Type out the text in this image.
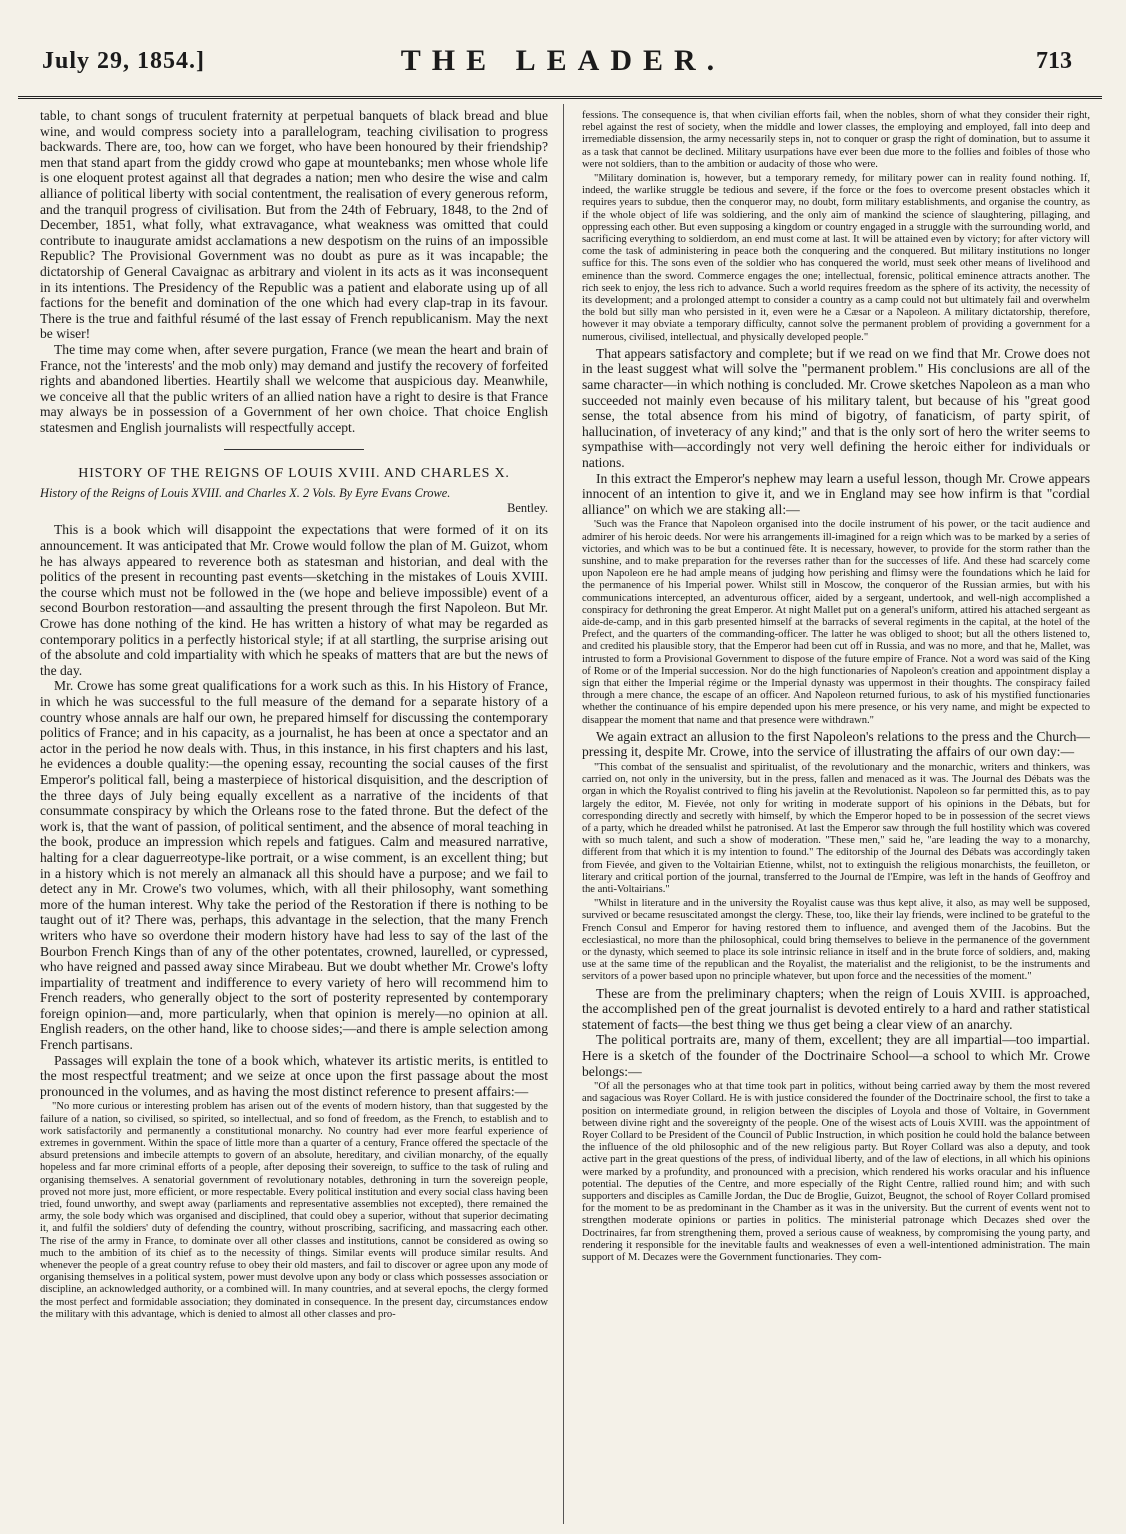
July 29, 1854.]	THE LEADER.	713

table, to chant songs of truculent fraternity at perpetual banquets of black bread and blue wine, and would compress society into a parallelogram, teaching civilisation to progress backwards. There are, too, how can we forget, who have been honoured by their friendship? men that stand apart from the giddy crowd who gape at mountebanks; men whose whole life is one eloquent protest against all that degrades a nation; men who desire the wise and calm alliance of political liberty with social contentment, the realisation of every generous reform, and the tranquil progress of civilisation. But from the 24th of February, 1848, to the 2nd of December, 1851, what folly, what extravagance, what weakness was omitted that could contribute to inaugurate amidst acclamations a new despotism on the ruins of an impossible Republic? The Provisional Government was no doubt as pure as it was incapable; the dictatorship of General Cavaignac as arbitrary and violent in its acts as it was inconsequent in its intentions. The Presidency of the Republic was a patient and elaborate using up of all factions for the benefit and domination of the one which had every clap-trap in its favour. There is the true and faithful résumé of the last essay of French republicanism. May the next be wiser!

The time may come when, after severe purgation, France (we mean the heart and brain of France, not the 'interests' and the mob only) may demand and justify the recovery of forfeited rights and abandoned liberties. Heartily shall we welcome that auspicious day. Meanwhile, we conceive all that the public writers of an allied nation have a right to desire is that France may always be in possession of a Government of her own choice. That choice English statesmen and English journalists will respectfully accept.

HISTORY OF THE REIGNS OF LOUIS XVIII. AND CHARLES X.
History of the Reigns of Louis XVIII. and Charles X. 2 Vols. By Eyre Evans Crowe.
Bentley.

This is a book which will disappoint the expectations that were formed of it on its announcement. It was anticipated that Mr. Crowe would follow the plan of M. Guizot, whom he has always appeared to reverence both as statesman and historian, and deal with the politics of the present in recounting past events—sketching in the mistakes of Louis XVIII. the course which must not be followed in the (we hope and believe impossible) event of a second Bourbon restoration—and assaulting the present through the first Napoleon. But Mr. Crowe has done nothing of the kind. He has written a history of what may be regarded as contemporary politics in a perfectly historical style; if at all startling, the surprise arising out of the absolute and cold impartiality with which he speaks of matters that are but the news of the day.

Mr. Crowe has some great qualifications for a work such as this. In his History of France, in which he was successful to the full measure of the demand for a separate history of a country whose annals are half our own, he prepared himself for discussing the contemporary politics of France; and in his capacity, as a journalist, he has been at once a spectator and an actor in the period he now deals with. Thus, in this instance, in his first chapters and his last, he evidences a double quality:—the opening essay, recounting the social causes of the first Emperor's political fall, being a masterpiece of historical disquisition, and the description of the three days of July being equally excellent as a narrative of the incidents of that consummate conspiracy by which the Orleans rose to the fated throne. But the defect of the work is, that the want of passion, of political sentiment, and the absence of moral teaching in the book, produce an impression which repels and fatigues. Calm and measured narrative, halting for a clear daguerreotype-like portrait, or a wise comment, is an excellent thing; but in a history which is not merely an almanack all this should have a purpose; and we fail to detect any in Mr. Crowe's two volumes, which, with all their philosophy, want something more of the human interest. Why take the period of the Restoration if there is nothing to be taught out of it? There was, perhaps, this advantage in the selection, that the many French writers who have so overdone their modern history have had less to say of the last of the Bourbon French Kings than of any of the other potentates, crowned, laurelled, or cypressed, who have reigned and passed away since Mirabeau. But we doubt whether Mr. Crowe's lofty impartiality of treatment and indifference to every variety of hero will recommend him to French readers, who generally object to the sort of posterity represented by contemporary foreign opinion—and, more particularly, when that opinion is merely—no opinion at all. English readers, on the other hand, like to choose sides;—and there is ample selection among French partisans.

Passages will explain the tone of a book which, whatever its artistic merits, is entitled to the most respectful treatment; and we seize at once upon the first passage about the most pronounced in the volumes, and as having the most distinct reference to present affairs:—

"No more curious or interesting problem has arisen out of the events of modern history, than that suggested by the failure of a nation, so civilised, so spirited, so intellectual, and so fond of freedom, as the French, to establish and to work satisfactorily and permanently a constitutional monarchy. No country had ever more fearful experience of extremes in government. Within the space of little more than a quarter of a century, France offered the spectacle of the absurd pretensions and imbecile attempts to govern of an absolute, hereditary, and civilian monarchy, of the equally hopeless and far more criminal efforts of a people, after deposing their sovereign, to suffice to the task of ruling and organising themselves. A senatorial government of revolutionary notables, dethroning in turn the sovereign people, proved not more just, more efficient, or more respectable. Every political institution and every social class having been tried, found unworthy, and swept away (parliaments and representative assemblies not excepted), there remained the army, the sole body which was organised and disciplined, that could obey a superior, without that superior decimating it, and fulfil the soldiers' duty of defending the country, without proscribing, sacrificing, and massacring each other. The rise of the army in France, to dominate over all other classes and institutions, cannot be considered as owing so much to the ambition of its chief as to the necessity of things. Similar events will produce similar results. And whenever the people of a great country refuse to obey their old masters, and fail to discover or agree upon any mode of organising themselves in a political system, power must devolve upon any body or class which possesses association or discipline, an acknowledged authority, or a combined will. In many countries, and at several epochs, the clergy formed the most perfect and formidable association; they dominated in consequence. In the present day, circumstances endow the military with this advantage, which is denied to almost all other classes and pro-

fessions. The consequence is, that when civilian efforts fail, when the nobles, shorn of what they consider their right, rebel against the rest of society, when the middle and lower classes, the employing and employed, fall into deep and irremediable dissension, the army necessarily steps in, not to conquer or grasp the right of domination, but to assume it as a task that cannot be declined. Military usurpations have ever been due more to the follies and foibles of those who were not soldiers, than to the ambition or audacity of those who were.

"Military domination is, however, but a temporary remedy, for military power can in reality found nothing. If, indeed, the warlike struggle be tedious and severe, if the force or the foes to overcome present obstacles which it requires years to subdue, then the conqueror may, no doubt, form military establishments, and organise the country, as if the whole object of life was soldiering, and the only aim of mankind the science of slaughtering, pillaging, and oppressing each other. But even supposing a kingdom or country engaged in a struggle with the surrounding world, and sacrificing everything to soldierdom, an end must come at last. It will be attained even by victory; for after victory will come the task of administering in peace both the conquering and the conquered. But military institutions no longer suffice for this. The sons even of the soldier who has conquered the world, must seek other means of livelihood and eminence than the sword. Commerce engages the one; intellectual, forensic, political eminence attracts another. The rich seek to enjoy, the less rich to advance. Such a world requires freedom as the sphere of its activity, the necessity of its development; and a prolonged attempt to consider a country as a camp could not but ultimately fail and overwhelm the bold but silly man who persisted in it, even were he a Cæsar or a Napoleon. A military dictatorship, therefore, however it may obviate a temporary difficulty, cannot solve the permanent problem of providing a government for a numerous, civilised, intellectual, and physically developed people."

That appears satisfactory and complete; but if we read on we find that Mr. Crowe does not in the least suggest what will solve the "permanent problem." His conclusions are all of the same character—in which nothing is concluded. Mr. Crowe sketches Napoleon as a man who succeeded not mainly even because of his military talent, but because of his "great good sense, the total absence from his mind of bigotry, of fanaticism, of party spirit, of hallucination, of inveteracy of any kind;" and that is the only sort of hero the writer seems to sympathise with—accordingly not very well defining the heroic either for individuals or nations.

In this extract the Emperor's nephew may learn a useful lesson, though Mr. Crowe appears innocent of an intention to give it, and we in England may see how infirm is that "cordial alliance" on which we are staking all:—

'Such was the France that Napoleon organised into the docile instrument of his power, or the tacit audience and admirer of his heroic deeds. Nor were his arrangements ill-imagined for a reign which was to be marked by a series of victories, and which was to be but a continued fête. It is necessary, however, to provide for the storm rather than the sunshine, and to make preparation for the reverses rather than for the successes of life. And these had scarcely come upon Napoleon ere he had ample means of judging how perishing and flimsy were the foundations which he laid for the permanence of his Imperial power. Whilst still in Moscow, the conqueror of the Russian armies, but with his communications intercepted, an adventurous officer, aided by a sergeant, undertook, and well-nigh accomplished a conspiracy for dethroning the great Emperor. At night Mallet put on a general's uniform, attired his attached sergeant as aide-de-camp, and in this garb presented himself at the barracks of several regiments in the capital, at the hotel of the Prefect, and the quarters of the commanding-officer. The latter he was obliged to shoot; but all the others listened to, and credited his plausible story, that the Emperor had been cut off in Russia, and was no more, and that he, Mallet, was intrusted to form a Provisional Government to dispose of the future empire of France. Not a word was said of the King of Rome or of the Imperial succession. Nor do the high functionaries of Napoleon's creation and appointment display a sign that either the Imperial régime or the Imperial dynasty was uppermost in their thoughts. The conspiracy failed through a mere chance, the escape of an officer. And Napoleon returned furious, to ask of his mystified functionaries whether the continuance of his empire depended upon his mere presence, or his very name, and might be expected to disappear the moment that name and that presence were withdrawn."

We again extract an allusion to the first Napoleon's relations to the press and the Church—pressing it, despite Mr. Crowe, into the service of illustrating the affairs of our own day:—

"This combat of the sensualist and spiritualist, of the revolutionary and the monarchic, writers and thinkers, was carried on, not only in the university, but in the press, fallen and menaced as it was. The Journal des Débats was the organ in which the Royalist contrived to fling his javelin at the Revolutionist. Napoleon so far permitted this, as to pay largely the editor, M. Fievée, not only for writing in moderate support of his opinions in the Débats, but for corresponding directly and secretly with himself, by which the Emperor hoped to be in possession of the secret views of a party, which he dreaded whilst he patronised. At last the Emperor saw through the full hostility which was covered with so much talent, and such a show of moderation. "These men," said he, "are leading the way to a monarchy, different from that which it is my intention to found." The editorship of the Journal des Débats was accordingly taken from Fievée, and given to the Voltairian Etienne, whilst, not to extinguish the religious monarchists, the feuilleton, or literary and critical portion of the journal, transferred to the Journal de l'Empire, was left in the hands of Geoffroy and the anti-Voltairians."

"Whilst in literature and in the university the Royalist cause was thus kept alive, it also, as may well be supposed, survived or became resuscitated amongst the clergy. These, too, like their lay friends, were inclined to be grateful to the French Consul and Emperor for having restored them to influence, and avenged them of the Jacobins. But the ecclesiastical, no more than the philosophical, could bring themselves to believe in the permanence of the government or the dynasty, which seemed to place its sole intrinsic reliance in itself and in the brute force of soldiers, and, making use at the same time of the republican and the Royalist, the materialist and the religionist, to be the instruments and servitors of a power based upon no principle whatever, but upon force and the necessities of the moment."

These are from the preliminary chapters; when the reign of Louis XVIII. is approached, the accomplished pen of the great journalist is devoted entirely to a hard and rather statistical statement of facts—the best thing we thus get being a clear view of an anarchy.

The political portraits are, many of them, excellent; they are all impartial—too impartial. Here is a sketch of the founder of the Doctrinaire School—a school to which Mr. Crowe belongs:—

"Of all the personages who at that time took part in politics, without being carried away by them the most revered and sagacious was Royer Collard. He is with justice considered the founder of the Doctrinaire school, the first to take a position on intermediate ground, in religion between the disciples of Loyola and those of Voltaire, in Government between divine right and the sovereignty of the people. One of the wisest acts of Louis XVIII. was the appointment of Royer Collard to be President of the Council of Public Instruction, in which position he could hold the balance between the influence of the old philosophic and of the new religious party. But Royer Collard was also a deputy, and took active part in the great questions of the press, of individual liberty, and of the law of elections, in all which his opinions were marked by a profundity, and pronounced with a precision, which rendered his works oracular and his influence potential. The deputies of the Centre, and more especially of the Right Centre, rallied round him; and with such supporters and disciples as Camille Jordan, the Duc de Broglie, Guizot, Beugnot, the school of Royer Collard promised for the moment to be as predominant in the Chamber as it was in the university. But the current of events went not to strengthen moderate opinions or parties in politics. The ministerial patronage which Decazes shed over the Doctrinaires, far from strengthening them, proved a serious cause of weakness, by compromising the young party, and rendering it responsible for the inevitable faults and weaknesses of even a well-intentioned administration. The main support of M. Decazes were the Government functionaries. They com-
